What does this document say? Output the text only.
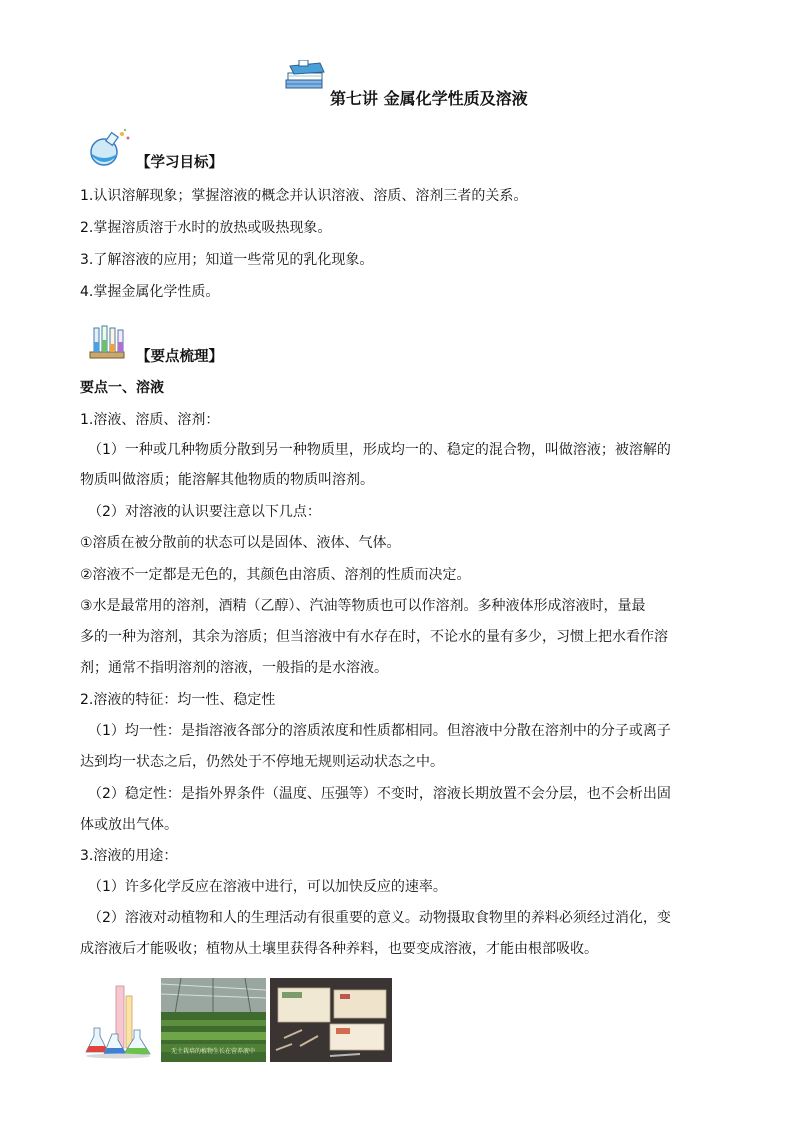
第七讲 金属化学性质及溶液
【学习目标】
1.认识溶解现象；掌握溶液的概念并认识溶液、溶质、溶剂三者的关系。
2.掌握溶质溶于水时的放热或吸热现象。
3.了解溶液的应用；知道一些常见的乳化现象。
4.掌握金属化学性质。
【要点梳理】
要点一、溶液
1.溶液、溶质、溶剂：
（1）一种或几种物质分散到另一种物质里，形成均一的、稳定的混合物，叫做溶液；被溶解的
物质叫做溶质；能溶解其他物质的物质叫溶剂。
（2）对溶液的认识要注意以下几点：
①溶质在被分散前的状态可以是固体、液体、气体。
②溶液不一定都是无色的，其颜色由溶质、溶剂的性质而决定。
③水是最常用的溶剂，酒精（乙醇）、汽油等物质也可以作溶剂。多种液体形成溶液时，量最
多的一种为溶剂，其余为溶质；但当溶液中有水存在时，不论水的量有多少，习惯上把水看作溶
剂；通常不指明溶剂的溶液，一般指的是水溶液。
2.溶液的特征：均一性、稳定性
（1）均一性：是指溶液各部分的溶质浓度和性质都相同。但溶液中分散在溶剂中的分子或离子
达到均一状态之后，仍然处于不停地无规则运动状态之中。
（2）稳定性：是指外界条件（温度、压强等）不变时，溶液长期放置不会分层，也不会析出固
体或放出气体。
3.溶液的用途：
（1）许多化学反应在溶液中进行，可以加快反应的速率。
（2）溶液对动植物和人的生理活动有很重要的意义。动物摄取食物里的养料必须经过消化，变
成溶液后才能吸收；植物从土壤里获得各种养料，也要变成溶液，才能由根部吸收。
无土栽培的植物生长在营养液中
